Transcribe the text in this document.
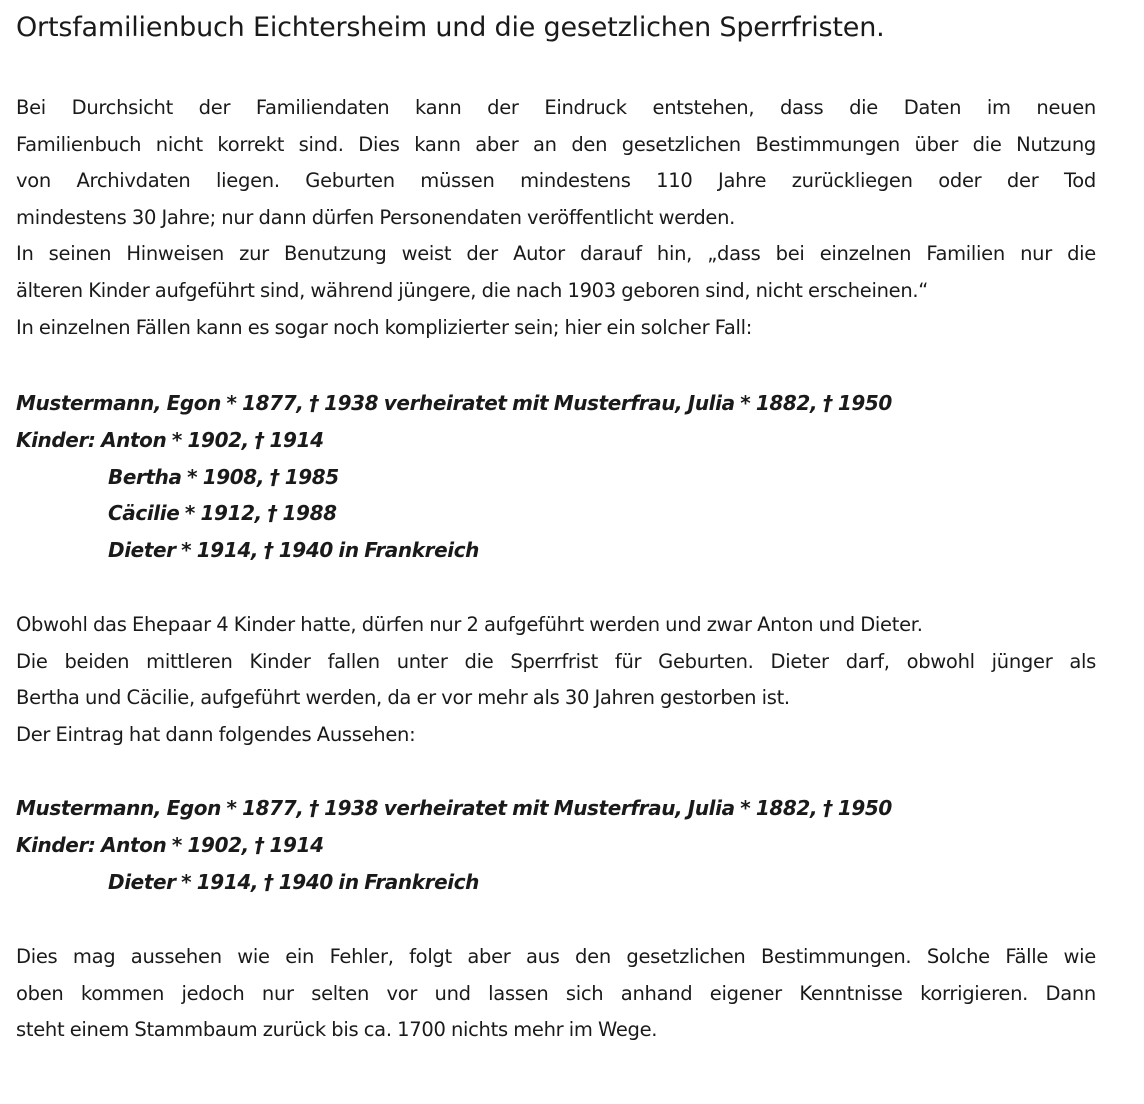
Ortsfamilienbuch Eichtersheim und die gesetzlichen Sperrfristen.
Bei Durchsicht der Familiendaten kann der Eindruck entstehen, dass die Daten im neuen
Familienbuch nicht korrekt sind. Dies kann aber an den gesetzlichen Bestimmungen über die Nutzung
von Archivdaten liegen. Geburten müssen mindestens 110 Jahre zurückliegen oder der Tod
mindestens 30 Jahre; nur dann dürfen Personendaten veröffentlicht werden.
In seinen Hinweisen zur Benutzung weist der Autor darauf hin, „dass bei einzelnen Familien nur die
älteren Kinder aufgeführt sind, während jüngere, die nach 1903 geboren sind, nicht erscheinen.“
In einzelnen Fällen kann es sogar noch komplizierter sein; hier ein solcher Fall:
Mustermann, Egon * 1877, † 1938 verheiratet mit Musterfrau, Julia * 1882, † 1950
Kinder: Anton * 1902, † 1914
Bertha * 1908, † 1985
Cäcilie * 1912, † 1988
Dieter * 1914, † 1940 in Frankreich
Obwohl das Ehepaar 4 Kinder hatte, dürfen nur 2 aufgeführt werden und zwar Anton und Dieter.
Die beiden mittleren Kinder fallen unter die Sperrfrist für Geburten. Dieter darf, obwohl jünger als
Bertha und Cäcilie, aufgeführt werden, da er vor mehr als 30 Jahren gestorben ist.
Der Eintrag hat dann folgendes Aussehen:
Mustermann, Egon * 1877, † 1938 verheiratet mit Musterfrau, Julia * 1882, † 1950
Kinder: Anton * 1902, † 1914
Dieter * 1914, † 1940 in Frankreich
Dies mag aussehen wie ein Fehler, folgt aber aus den gesetzlichen Bestimmungen. Solche Fälle wie
oben kommen jedoch nur selten vor und lassen sich anhand eigener Kenntnisse korrigieren. Dann
steht einem Stammbaum zurück bis ca. 1700 nichts mehr im Wege.
